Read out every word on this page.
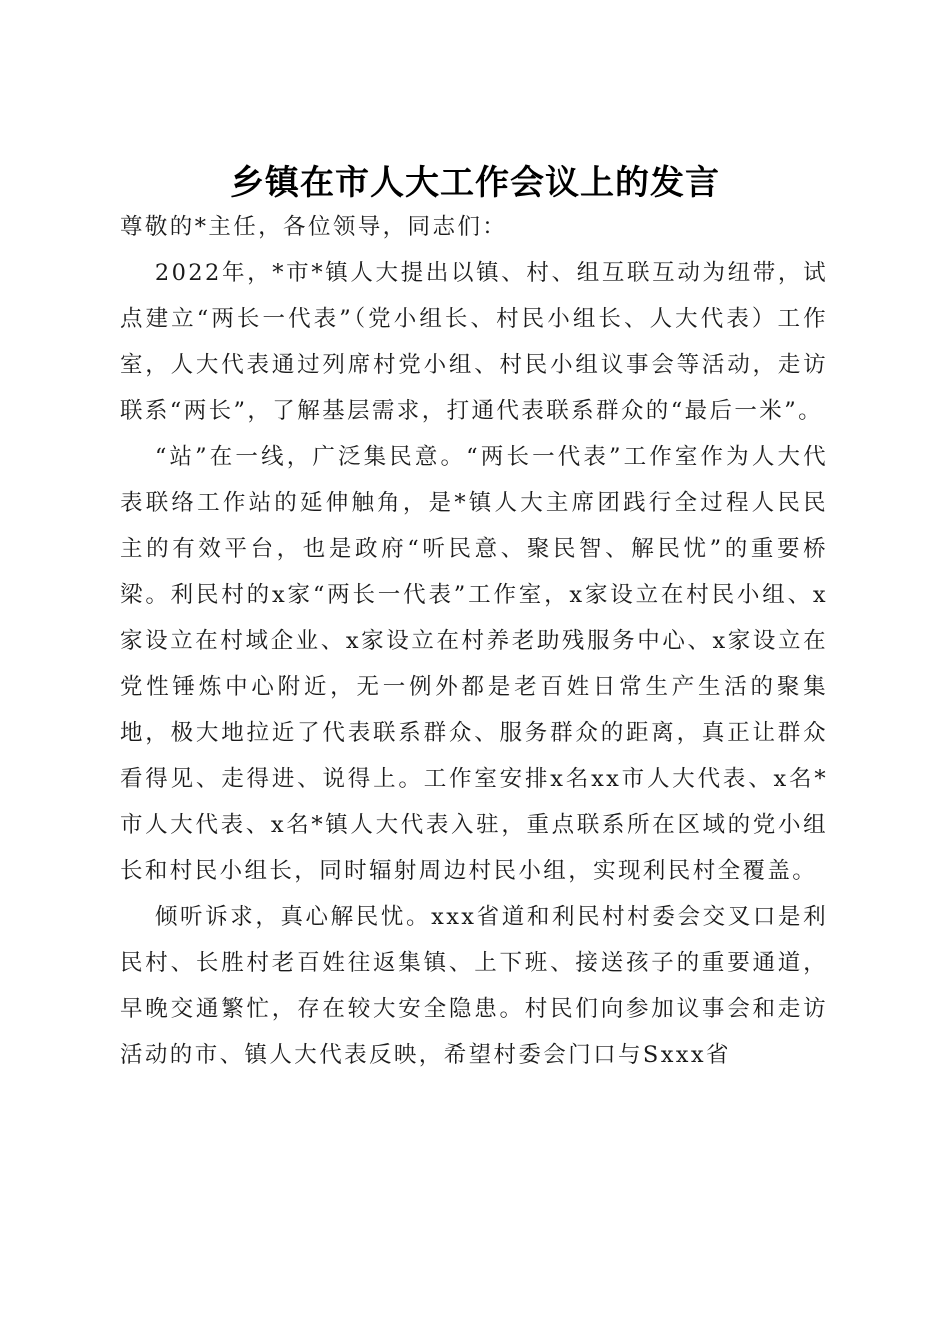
乡镇在市人大工作会议上的发言

尊敬的*主任，各位领导，同志们：

2022年，*市*镇人大提出以镇、村、组互联互动为纽带，试点建立“两长一代表”（党小组长、村民小组长、人大代表）工作室，人大代表通过列席村党小组、村民小组议事会等活动，走访联系“两长”，了解基层需求，打通代表联系群众的“最后一米”。

“站”在一线，广泛集民意。“两长一代表”工作室作为人大代表联络工作站的延伸触角，是*镇人大主席团践行全过程人民民主的有效平台，也是政府“听民意、聚民智、解民忧”的重要桥梁。利民村的x家“两长一代表”工作室，x家设立在村民小组、x家设立在村域企业、x家设立在村养老助残服务中心、x家设立在党性锤炼中心附近，无一例外都是老百姓日常生产生活的聚集地，极大地拉近了代表联系群众、服务群众的距离，真正让群众看得见、走得进、说得上。工作室安排x名xx市人大代表、x名*市人大代表、x名*镇人大代表入驻，重点联系所在区域的党小组长和村民小组长，同时辐射周边村民小组，实现利民村全覆盖。

倾听诉求，真心解民忧。xxx省道和利民村村委会交叉口是利民村、长胜村老百姓往返集镇、上下班、接送孩子的重要通道，早晚交通繁忙，存在较大安全隐患。村民们向参加议事会和走访活动的市、镇人大代表反映，希望村委会门口与Sxxx省
